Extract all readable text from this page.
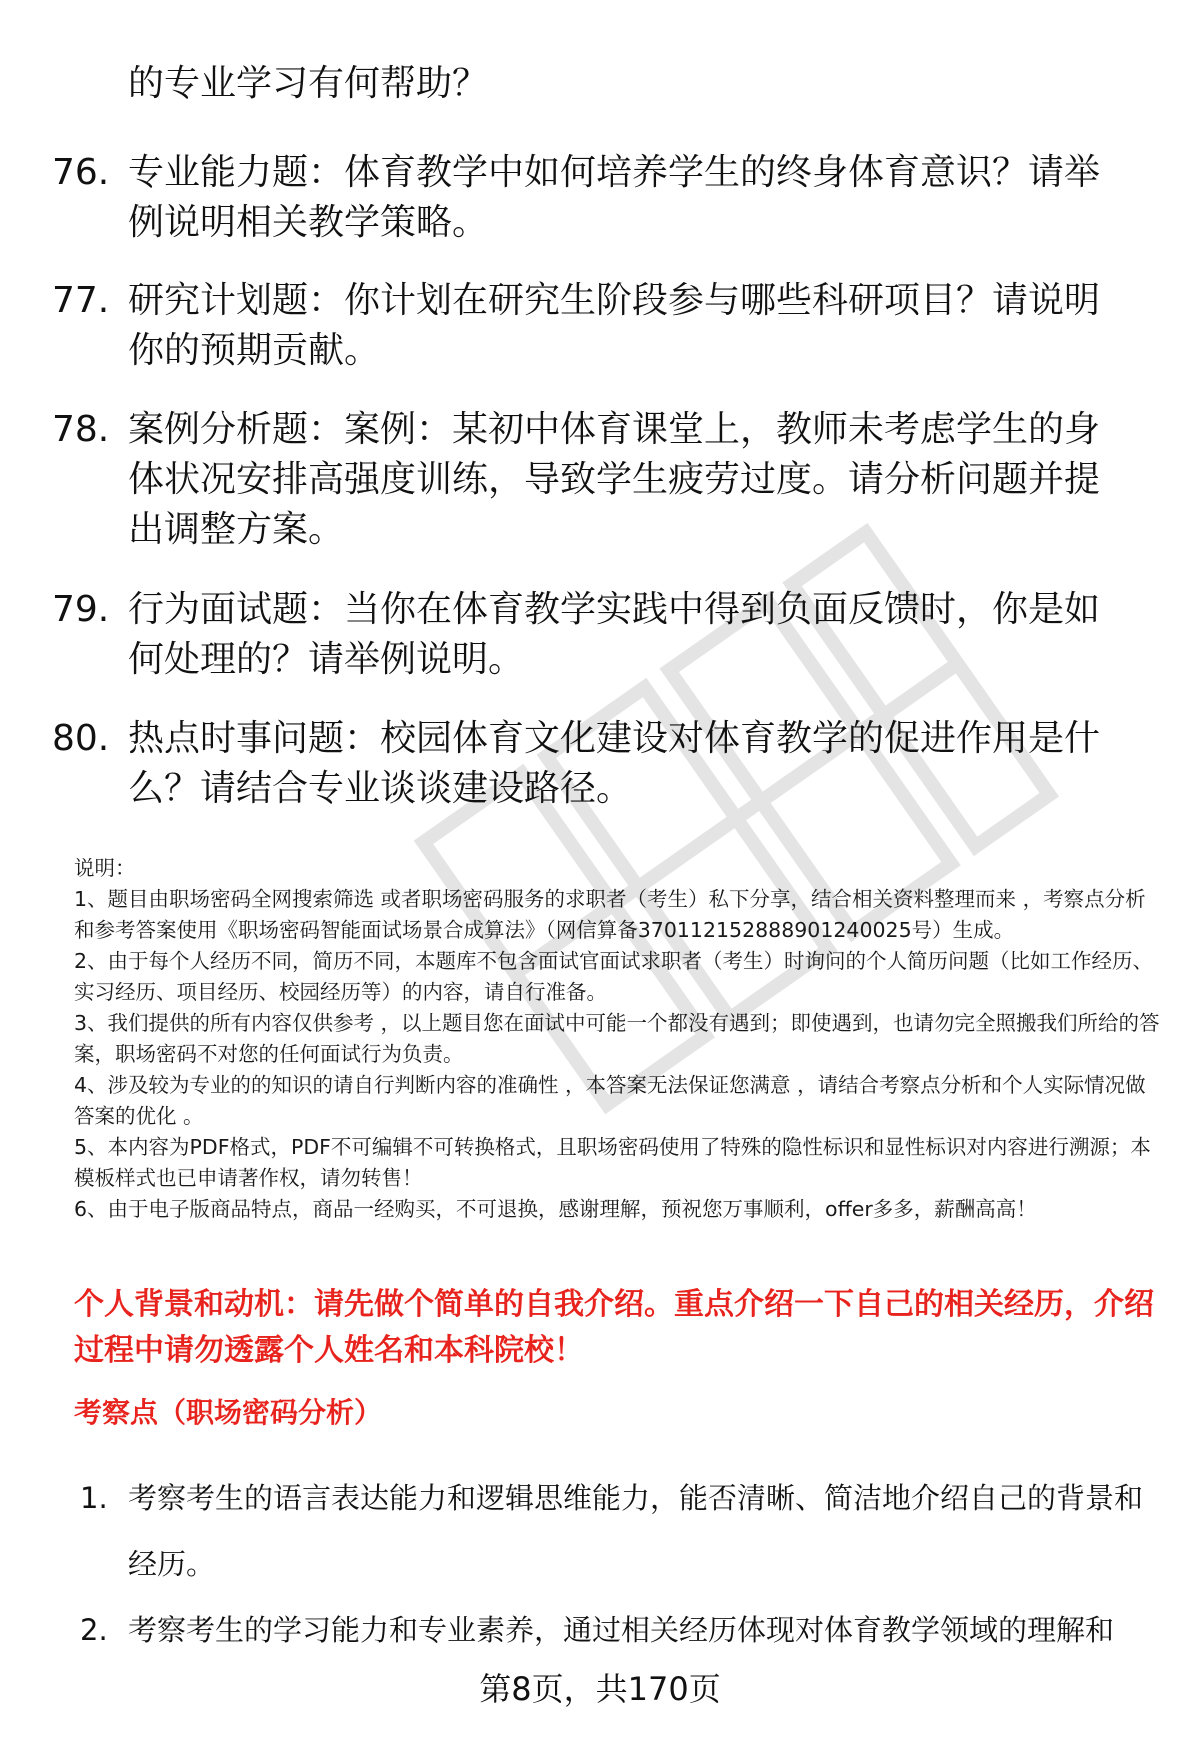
的专业学习有何帮助？
76. 专业能力题：体育教学中如何培养学生的终身体育意识？请举例说明相关教学策略。
77. 研究计划题：你计划在研究生阶段参与哪些科研项目？请说明你的预期贡献。
78. 案例分析题：案例：某初中体育课堂上，教师未考虑学生的身体状况安排高强度训练，导致学生疲劳过度。请分析问题并提出调整方案。
79. 行为面试题：当你在体育教学实践中得到负面反馈时，你是如何处理的？请举例说明。
80. 热点时事问题：校园体育文化建设对体育教学的促进作用是什么？请结合专业谈谈建设路径。

说明：

1、题目由职场密码全网搜索筛选 或者职场密码服务的求职者（考生）私下分享，结合相关资料整理而来 ，考察点分析和参考答案使用《职场密码智能面试场景合成算法》（网信算备370112152888901240025号）生成。

2、由于每个人经历不同，简历不同，本题库不包含面试官面试求职者（考生）时询问的个人简历问题（比如工作经历、实习经历、项目经历、校园经历等）的内容，请自行准备。

3、我们提供的所有内容仅供参考 ，以上题目您在面试中可能一个都没有遇到；即使遇到，也请勿完全照搬我们所给的答案，职场密码不对您的任何面试行为负责。

4、涉及较为专业的的知识的请自行判断内容的准确性 ，本答案无法保证您满意 ，请结合考察点分析和个人实际情况做答案的优化 。

5、本内容为PDF格式，PDF不可编辑不可转换格式，且职场密码使用了特殊的隐性标识和显性标识对内容进行溯源；本模板样式也已申请著作权，请勿转售！

6、由于电子版商品特点，商品一经购买，不可退换，感谢理解，预祝您万事顺利，offer多多，薪酬高高！

个人背景和动机：请先做个简单的自我介绍。重点介绍一下自己的相关经历，介绍过程中请勿透露个人姓名和本科院校！
考察点（职场密码分析）
1. 考察考生的语言表达能力和逻辑思维能力，能否清晰、简洁地介绍自己的背景和经历。
2. 考察考生的学习能力和专业素养，通过相关经历体现对体育教学领域的理解和
第8页，共170页
